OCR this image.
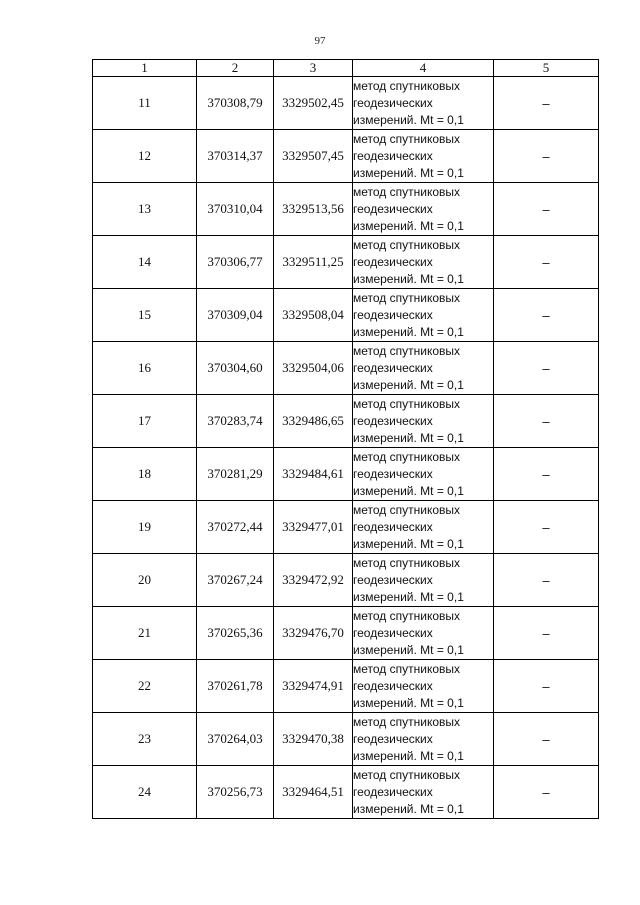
97
1	2	3	4	5
11	370308,79	3329502,45	метод спутниковых
геодезических
измерений. Mt = 0,1	–
12	370314,37	3329507,45	метод спутниковых
геодезических
измерений. Mt = 0,1	–
13	370310,04	3329513,56	метод спутниковых
геодезических
измерений. Mt = 0,1	–
14	370306,77	3329511,25	метод спутниковых
геодезических
измерений. Mt = 0,1	–
15	370309,04	3329508,04	метод спутниковых
геодезических
измерений. Mt = 0,1	–
16	370304,60	3329504,06	метод спутниковых
геодезических
измерений. Mt = 0,1	–
17	370283,74	3329486,65	метод спутниковых
геодезических
измерений. Mt = 0,1	–
18	370281,29	3329484,61	метод спутниковых
геодезических
измерений. Mt = 0,1	–
19	370272,44	3329477,01	метод спутниковых
геодезических
измерений. Mt = 0,1	–
20	370267,24	3329472,92	метод спутниковых
геодезических
измерений. Mt = 0,1	–
21	370265,36	3329476,70	метод спутниковых
геодезических
измерений. Mt = 0,1	–
22	370261,78	3329474,91	метод спутниковых
геодезических
измерений. Mt = 0,1	–
23	370264,03	3329470,38	метод спутниковых
геодезических
измерений. Mt = 0,1	–
24	370256,73	3329464,51	метод спутниковых
геодезических
измерений. Mt = 0,1	–
